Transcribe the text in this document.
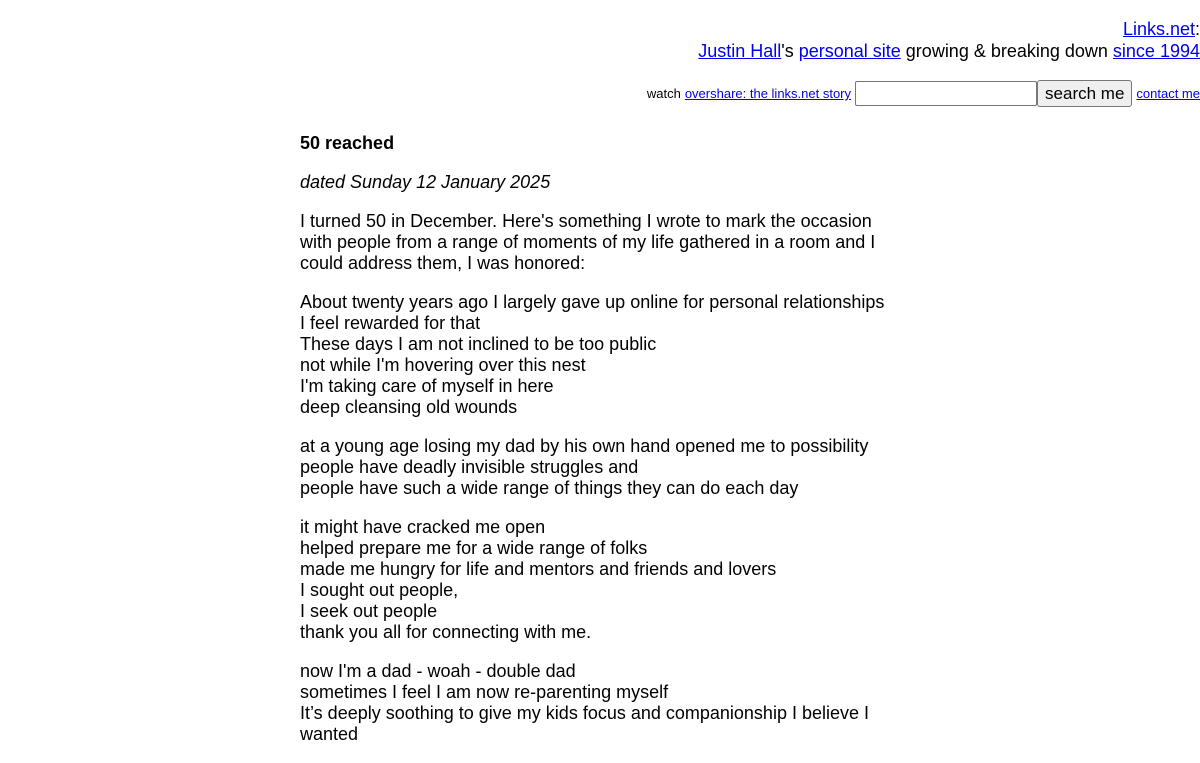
Links.net:
Justin Hall's personal site growing & breaking down since 1994
watch overshare: the links.net story	search me contact me
50 reached
dated Sunday 12 January 2025
I turned 50 in December. Here's something I wrote to mark the occasion
with people from a range of moments of my life gathered in a room and I
could address them, I was honored:
About twenty years ago I largely gave up online for personal relationships
I feel rewarded for that
These days I am not inclined to be too public
not while I'm hovering over this nest
I'm taking care of myself in here
deep cleansing old wounds
at a young age losing my dad by his own hand opened me to possibility
people have deadly invisible struggles and
people have such a wide range of things they can do each day
it might have cracked me open
helped prepare me for a wide range of folks
made me hungry for life and mentors and friends and lovers
I sought out people,
I seek out people
thank you all for connecting with me.
now I'm a dad - woah - double dad
sometimes I feel I am now re-parenting myself
It’s deeply soothing to give my kids focus and companionship I believe I
wanted
